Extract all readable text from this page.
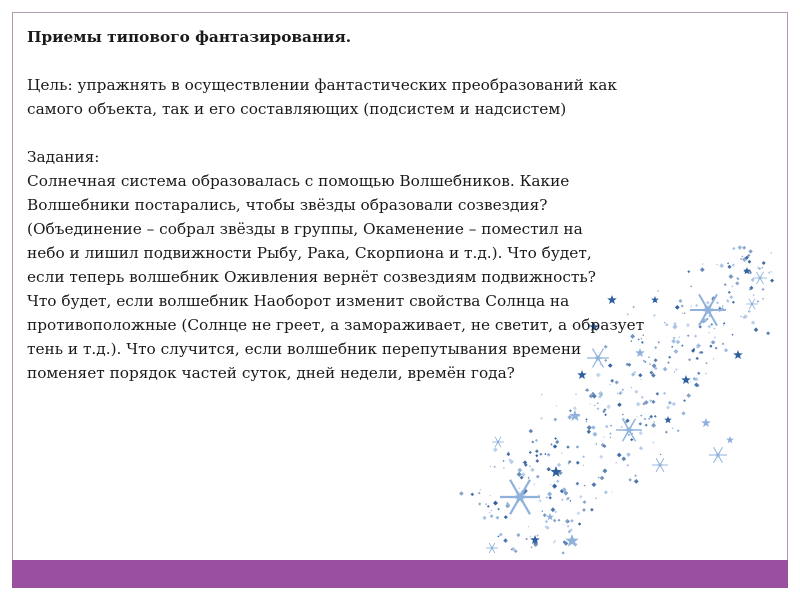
Приемы типового фантазирования.

Цель: упражнять в осуществлении фантастических преобразований как

самого объекта, так и его составляющих (подсистем и надсистем)

Задания:

Солнечная система образовалась с помощью Волшебников. Какие

Волшебники постарались, чтобы звёзды образовали созвездия?

(Объединение – собрал звёзды в группы, Окаменение – поместил на

небо и лишил подвижности Рыбу, Рака, Скорпиона и т.д.). Что будет,

если теперь волшебник Оживления вернёт созвездиям подвижность?

Что будет, если волшебник Наоборот изменит свойства Солнца на

противоположные (Солнце не греет, а замораживает, не светит, а образует

тень и т.д.). Что случится, если волшебник перепутывания времени

поменяет порядок частей суток, дней недели, времён года?
